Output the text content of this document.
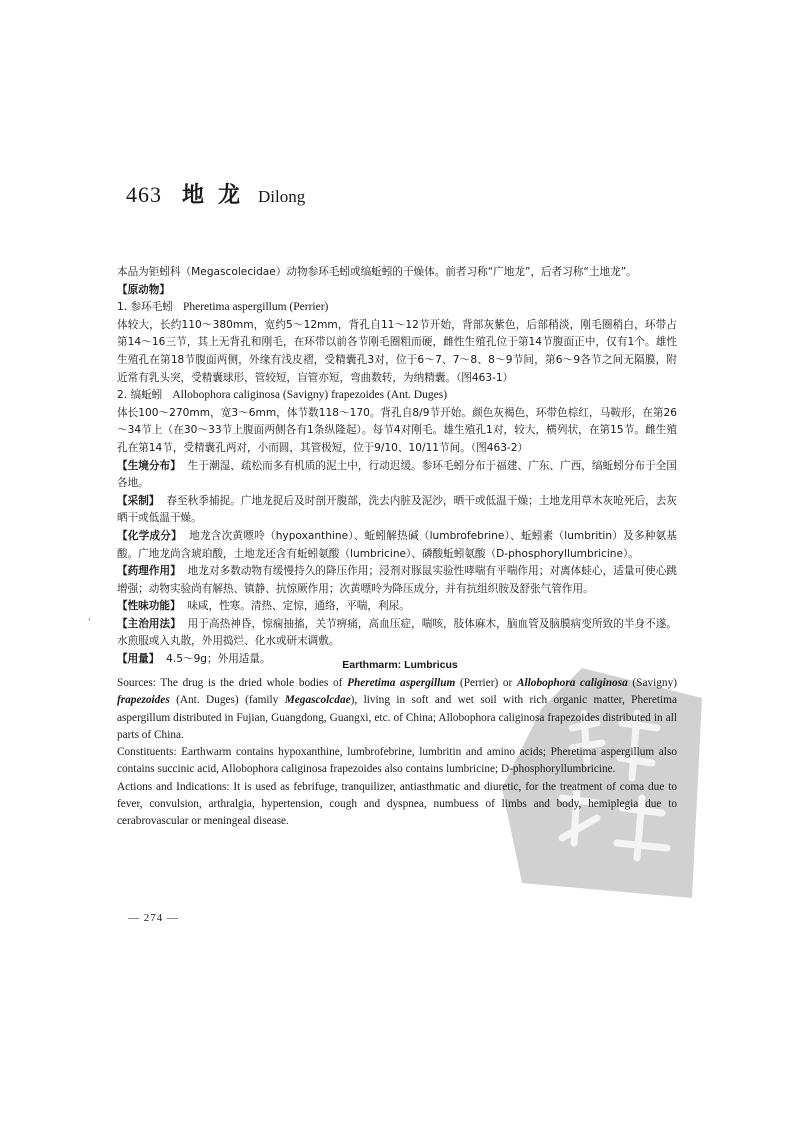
463 地龙 Dilong

本品为钜蚓科（Megascolecidae）动物参环毛蚓或缟蚯蚓的干燥体。前者习称“广地龙”，后者习称“土地龙”。

【原动物】

1. 参环毛蚓 Pheretima aspergillum (Perrier)

体较大，长约110～380mm，宽约5～12mm，背孔自11～12节开始，背部灰紫色，后部稍淡，刚毛圈稍白，环带占第14～16三节，其上无背孔和刚毛，在环带以前各节刚毛圈粗而硬，雌性生殖孔位于第14节腹面正中，仅有1个。雄性生殖孔在第18节腹面两侧，外缘有浅皮褶，受精囊孔3对，位于6～7、7～8、8～9节间，第6～9各节之间无隔膜，附近常有乳头突，受精囊球形，管较短，盲管亦短，弯曲数转，为纳精囊。（图463-1）

2. 缟蚯蚓 Allobophora caliginosa (Savigny) frapezoides (Ant. Duges)

体长100～270mm，宽3～6mm，体节数118～170。背孔自8/9节开始。颜色灰褐色，环带色棕红，马鞍形，在第26～34节上（在30～33节上腹面两侧各有1条纵隆起）。每节4对刚毛。雄生殖孔1对，较大，横列状，在第15节。雌生殖孔在第14节，受精囊孔两对，小而圆，其管极短，位于9/10、10/11节间。（图463-2）

【生境分布】 生于潮湿、疏松而多有机质的泥土中，行动迟缓。参环毛蚓分布于福建、广东、广西，缟蚯蚓分布于全国各地。

【采制】 春至秋季捕捉。广地龙捉后及时剖开腹部，洗去内脏及泥沙，晒干或低温干燥；土地龙用草木灰呛死后，去灰晒干或低温干燥。

【化学成分】 地龙含次黄嘌呤（hypoxanthine）、蚯蚓解热碱（lumbrofebrine）、蚯蚓素（lumbritin）及多种氨基酸。广地龙尚含琥珀酸，土地龙还含有蚯蚓氨酸（lumbricine）、磷酸蚯蚓氨酸（D-phosphoryllumbricine）。

【药理作用】 地龙对多数动物有缓慢持久的降压作用；浸剂对豚鼠实验性哮喘有平喘作用；对离体蛙心，适量可使心跳增强；动物实验尚有解热、镇静、抗惊厥作用；次黄嘌呤为降压成分，并有抗组织胺及舒张气管作用。

【性味功能】 味咸，性寒。清热、定惊，通络，平喘，利尿。

【主治用法】 用于高热神昏，惊痫抽搐，关节痹痛，高血压症，喘咳，肢体麻木，脑血管及脑膜病变所致的半身不遂。水煎服或入丸散，外用捣烂、化水或研末调敷。

【用量】 4.5～9g；外用适量。

'
Earthmarm: Lumbricus

Sources: The drug is the dried whole bodies of Pheretima aspergillum (Perrier) or Allobophora caliginosa (Savigny) frapezoides (Ant. Duges) (family Megascolcdae), living in soft and wet soil with rich organic matter, Pheretima aspergillum distributed in Fujian, Guangdong, Guangxi, etc. of China; Allobophora caliginosa frapezoides distributed in all parts of China.

Constituents: Earthwarm contains hypoxanthine, lumbrofebrine, lumbritin and amino acids; Pheretima aspergillum also contains succinic acid, Allobophora caliginosa frapezoides also contains lumbricine; D-phosphoryllumbricine.

Actions and Indications: It is used as febrifuge, tranquilizer, antiasthmatic and diuretic, for the treatment of coma due to fever, convulsion, arthralgia, hypertension, cough and dyspnea, numbuess of limbs and body, hemiplegia due to cerabrovascular or meningeal disease.

— 274 —
